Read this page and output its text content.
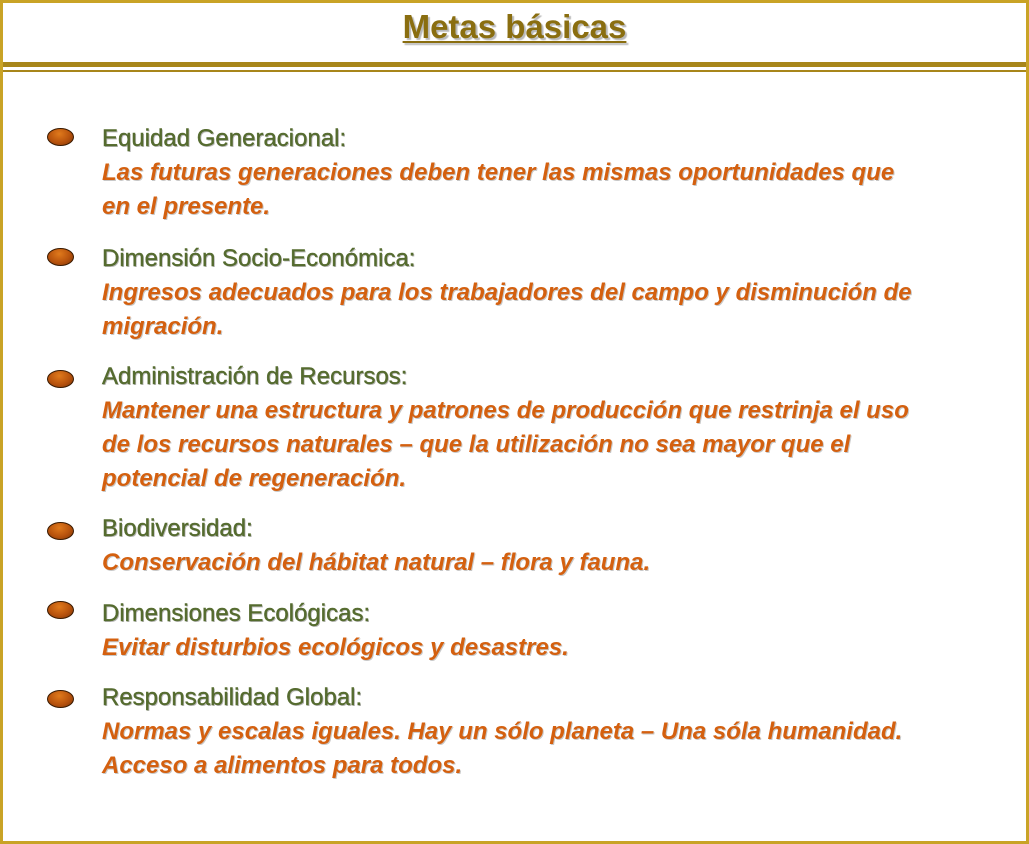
Metas básicas
Equidad Generacional:
Las futuras generaciones deben tener las mismas oportunidades que
en el presente.
Dimensión Socio-Económica:
Ingresos adecuados para los trabajadores del campo y disminución de
migración.
Administración de Recursos:
Mantener una estructura y patrones de producción que restrinja el uso
de los recursos naturales – que la utilización no sea mayor que el
potencial de regeneración.
Biodiversidad:
Conservación del hábitat natural – flora y fauna.
Dimensiones Ecológicas:
Evitar disturbios ecológicos y desastres.
Responsabilidad Global:
Normas y escalas iguales. Hay un sólo planeta – Una sóla humanidad.
Acceso a alimentos para todos.
